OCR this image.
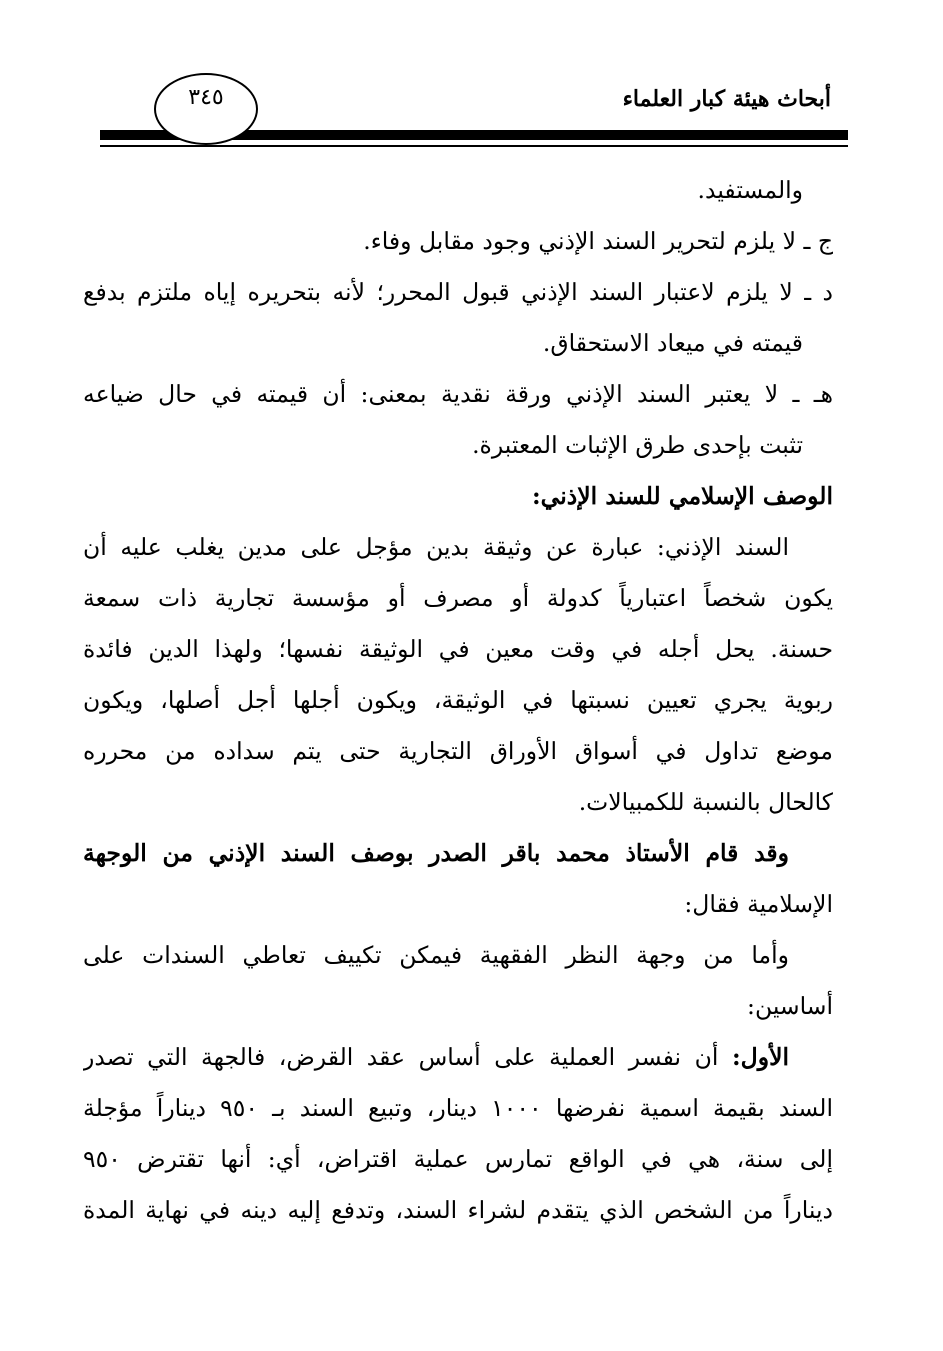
أبحاث هيئة كبار العلماء
٣٤٥
والمستفيد.
ج ـ لا يلزم لتحرير السند الإذني وجود مقابل وفاء.
د ـ لا يلزم لاعتبار السند الإذني قبول المحرر؛ لأنه بتحريره إياه ملتزم بدفع
قيمته في ميعاد الاستحقاق.
هـ ـ لا يعتبر السند الإذني ورقة نقدية بمعنى: أن قيمته في حال ضياعه
تثبت بإحدى طرق الإثبات المعتبرة.
الوصف الإسلامي للسند الإذني:
السند الإذني: عبارة عن وثيقة بدين مؤجل على مدين يغلب عليه أن
يكون شخصاً اعتبارياً كدولة أو مصرف أو مؤسسة تجارية ذات سمعة
حسنة. يحل أجله في وقت معين في الوثيقة نفسها؛ ولهذا الدين فائدة
ربوية يجري تعيين نسبتها في الوثيقة، ويكون أجلها أجل أصلها، ويكون
موضع تداول في أسواق الأوراق التجارية حتى يتم سداده من محرره
كالحال بالنسبة للكمبيالات.
وقد قام الأستاذ محمد باقر الصدر بوصف السند الإذني من الوجهة
الإسلامية فقال:
وأما من وجهة النظر الفقهية فيمكن تكييف تعاطي السندات على
أساسين:
الأول: أن نفسر العملية على أساس عقد القرض، فالجهة التي تصدر
السند بقيمة اسمية نفرضها ١٠٠٠ دينار، وتبيع السند بـ ٩٥٠ ديناراً مؤجلة
إلى سنة، هي في الواقع تمارس عملية اقتراض، أي: أنها تقترض ٩٥٠
ديناراً من الشخص الذي يتقدم لشراء السند، وتدفع إليه دينه في نهاية المدة
